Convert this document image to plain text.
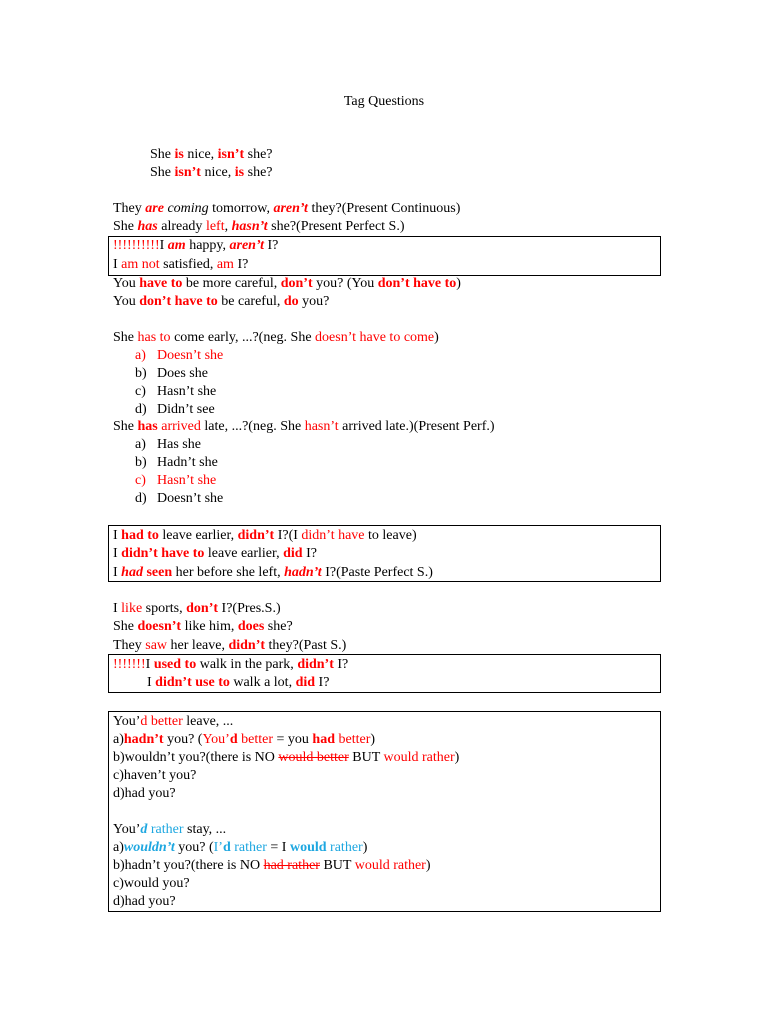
Tag Questions
She is nice, isn’t she?
She isn’t nice, is she?
They are coming tomorrow, aren’t they?(Present Continuous)
She has already left, hasn’t she?(Present Perfect S.)
!!!!!!!!!!I am happy, aren’t I?
I am not satisfied, am I?
You have to be more careful, don’t you? (You don’t have to)
You don’t have to be careful, do you?
She has to come early, ...?(neg. She doesn’t have to come)
a) Doesn’t she
b) Does she
c) Hasn’t she
d) Didn’t see
She has arrived late, ...?(neg. She hasn’t arrived late.)(Present Perf.)
a) Has she
b) Hadn’t she
c) Hasn’t she
d) Doesn’t she
I had to leave earlier, didn’t I?(I didn’t have to leave)
I didn’t have to leave earlier, did I?
I had seen her before she left, hadn’t I?(Paste Perfect S.)
I like sports, don’t I?(Pres.S.)
She doesn’t like him, does she?
They saw her leave, didn’t they?(Past S.)
!!!!!!!I used to walk in the park, didn’t I?
I didn’t use to walk a lot, did I?
You’d better leave, ...
a)hadn’t you? (You’d better = you had better)
b)wouldn’t you?(there is NO would better BUT would rather)
c)haven’t you?
d)had you?
You’d rather stay, ...
a)wouldn’t you? (I’d rather = I would rather)
b)hadn’t you?(there is NO had rather BUT would rather)
c)would you?
d)had you?
